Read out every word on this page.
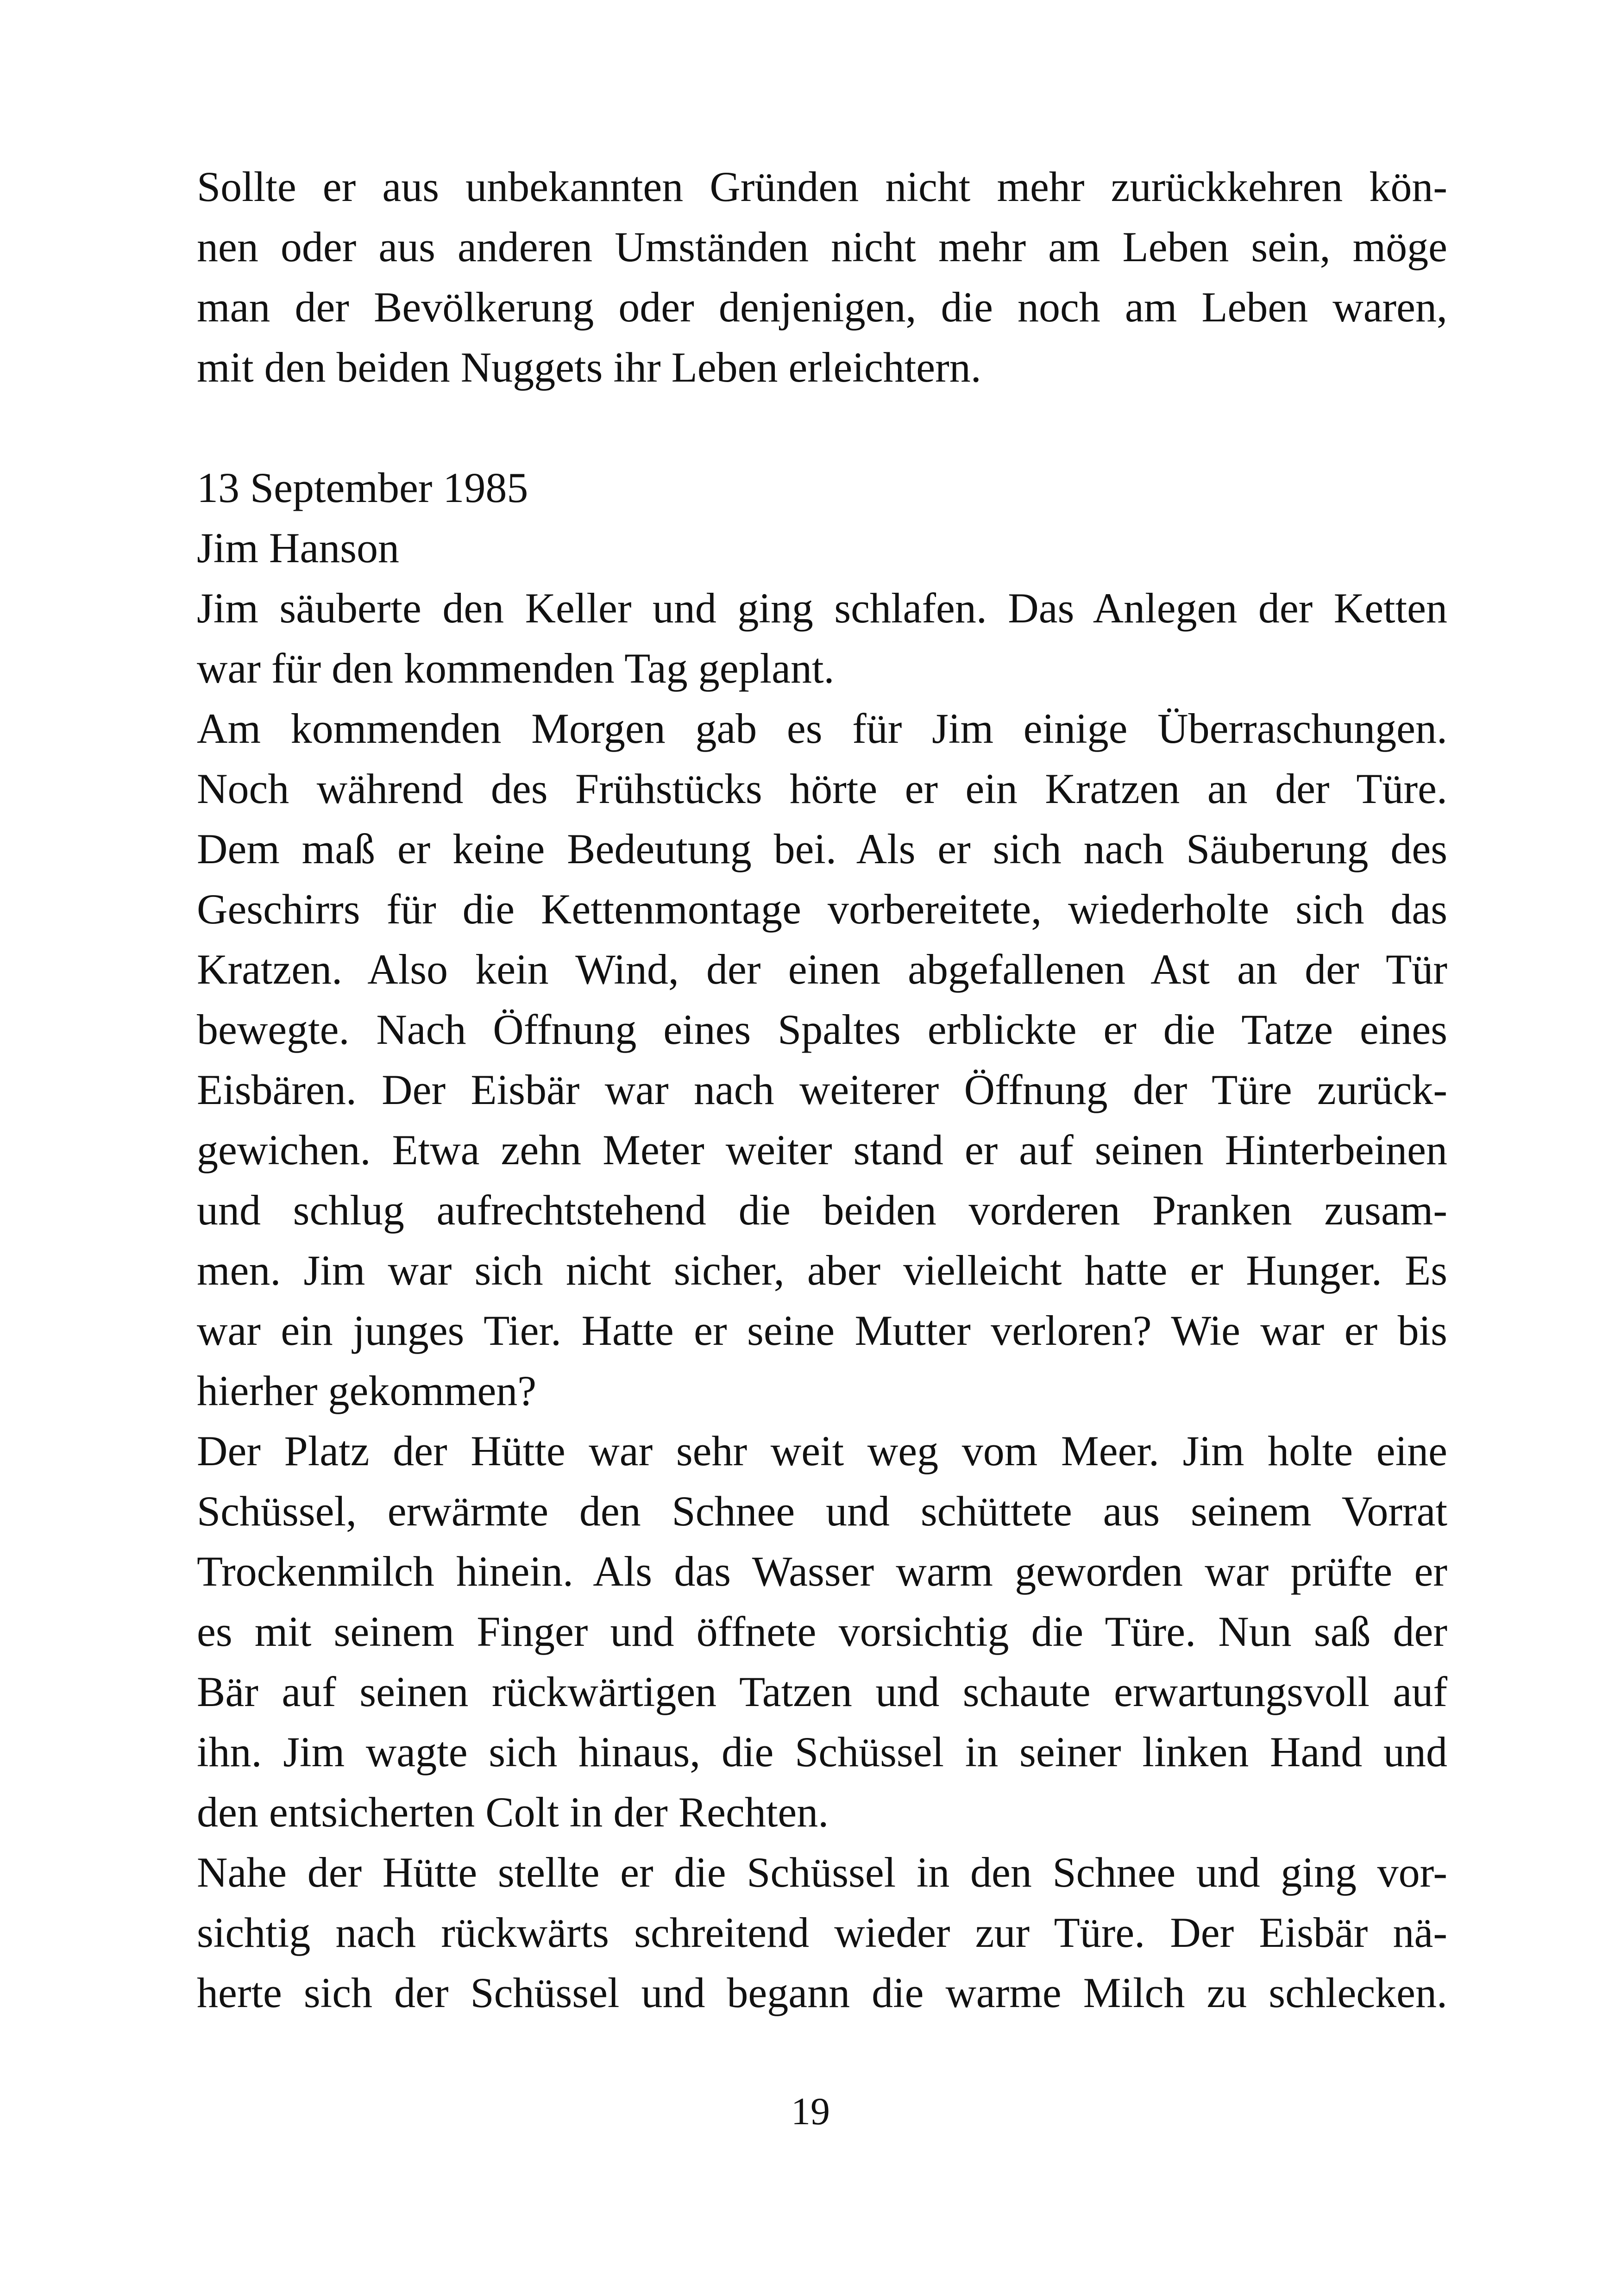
Sollte er aus unbekannten Gründen nicht mehr zurückkehren kön-
nen oder aus anderen Umständen nicht mehr am Leben sein, möge
man der Bevölkerung oder denjenigen, die noch am Leben waren,
mit den beiden Nuggets ihr Leben erleichtern.
13 September 1985
Jim Hanson
Jim säuberte den Keller und ging schlafen. Das Anlegen der Ketten
war für den kommenden Tag geplant.
Am kommenden Morgen gab es für Jim einige Überraschungen.
Noch während des Frühstücks hörte er ein Kratzen an der Türe.
Dem maß er keine Bedeutung bei. Als er sich nach Säuberung des
Geschirrs für die Kettenmontage vorbereitete, wiederholte sich das
Kratzen. Also kein Wind, der einen abgefallenen Ast an der Tür
bewegte. Nach Öffnung eines Spaltes erblickte er die Tatze eines
Eisbären. Der Eisbär war nach weiterer Öffnung der Türe zurück-
gewichen. Etwa zehn Meter weiter stand er auf seinen Hinterbeinen
und schlug aufrechtstehend die beiden vorderen Pranken zusam-
men. Jim war sich nicht sicher, aber vielleicht hatte er Hunger. Es
war ein junges Tier. Hatte er seine Mutter verloren? Wie war er bis
hierher gekommen?
Der Platz der Hütte war sehr weit weg vom Meer. Jim holte eine
Schüssel, erwärmte den Schnee und schüttete aus seinem Vorrat
Trockenmilch hinein. Als das Wasser warm geworden war prüfte er
es mit seinem Finger und öffnete vorsichtig die Türe. Nun saß der
Bär auf seinen rückwärtigen Tatzen und schaute erwartungsvoll auf
ihn. Jim wagte sich hinaus, die Schüssel in seiner linken Hand und
den entsicherten Colt in der Rechten.
Nahe der Hütte stellte er die Schüssel in den Schnee und ging vor-
sichtig nach rückwärts schreitend wieder zur Türe. Der Eisbär nä-
herte sich der Schüssel und begann die warme Milch zu schlecken.
19
